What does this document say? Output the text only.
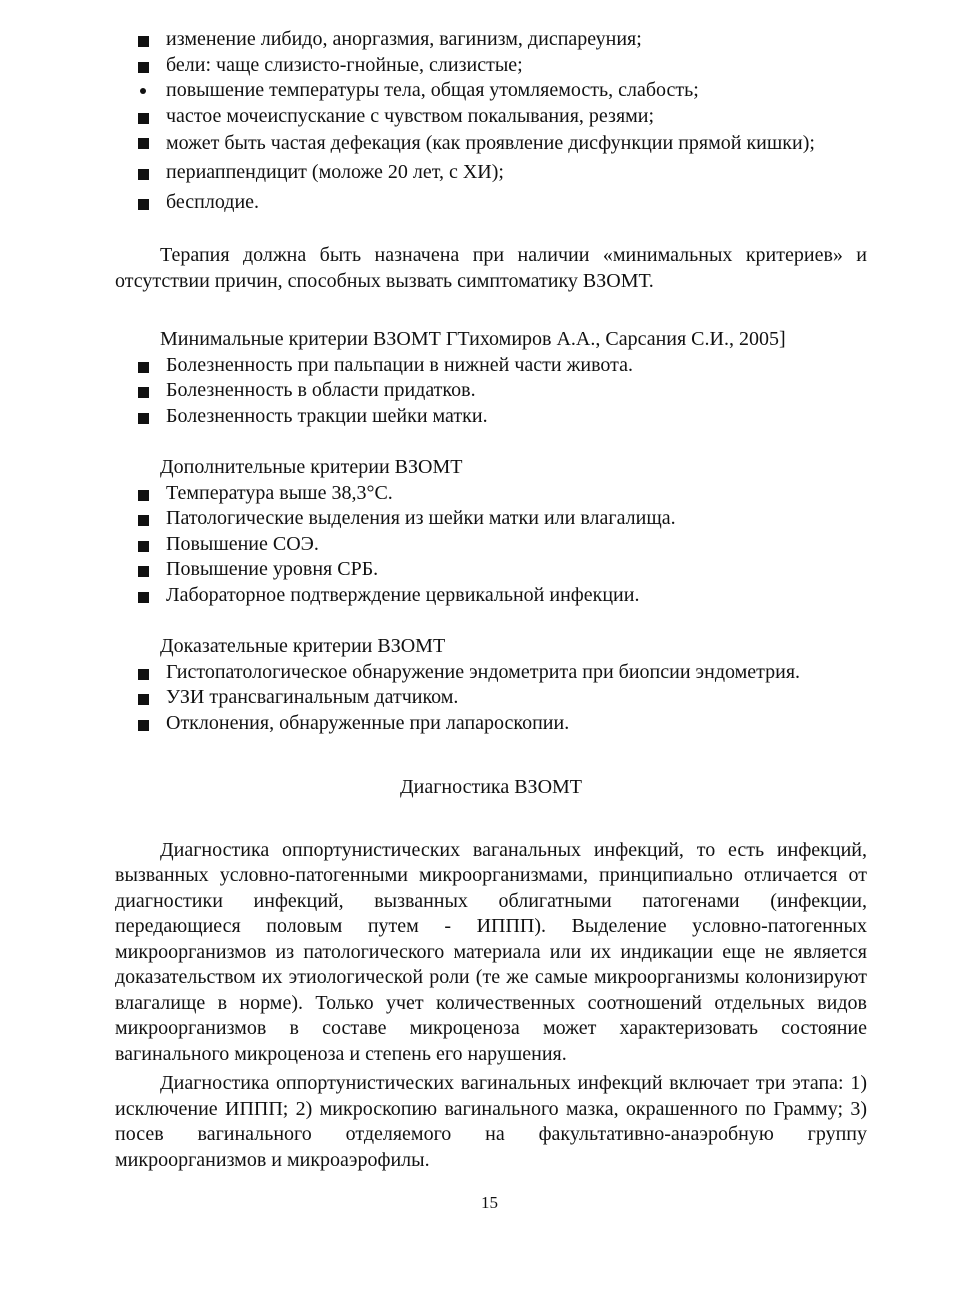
изменение либидо, аноргазмия, вагинизм, диспареуния;
бели: чаще слизисто-гнойные, слизистые;
повышение температуры тела, общая утомляемость, слабость;
частое мочеиспускание с чувством покалывания, резями;
может быть частая дефекация (как проявление дисфункции прямой кишки);
периаппендицит (моложе 20 лет, с ХИ);
бесплодие.

Терапия должна быть назначена при наличии «минимальных критериев» и отсутствии причин, способных вызвать симптоматику ВЗОМТ.

Минимальные критерии ВЗОМТ ГТихомиров А.А., Сарсания С.И., 2005]

Болезненность при пальпации в нижней части живота.
Болезненность в области придатков.
Болезненность тракции шейки матки.

Дополнительные критерии ВЗОМТ

Температура выше 38,3°С.
Патологические выделения из шейки матки или влагалища.
Повышение СОЭ.
Повышение уровня СРБ.
Лабораторное подтверждение цервикальной инфекции.

Доказательные критерии ВЗОМТ

Гистопатологическое обнаружение эндометрита при биопсии эндометрия.
УЗИ трансвагинальным датчиком.
Отклонения, обнаруженные при лапароскопии.

Диагностика ВЗОМТ

Диагностика оппортунистических ваганальных инфекций, то есть инфекций, вызванных условно-патогенными микроорганизмами, принципиально отличается от диагностики инфекций, вызванных облигатными патогенами (инфекции, передающиеся половым путем - ИППП). Выделение условно-патогенных микроорганизмов из патологического материала или их индикации еще не является доказательством их этиологической роли (те же самые микроорганизмы колонизируют влагалище в норме). Только учет количественных соотношений отдельных видов микроорганизмов в составе микроценоза может характеризовать состояние вагинального микроценоза и степень его нарушения.

Диагностика оппортунистических вагинальных инфекций включает три этапа: 1) исключение ИППП; 2) микроскопию вагинального мазка, окрашенного по Грамму; 3) посев вагинального отделяемого на факультативно-анаэробную группу микроорганизмов и микроаэрофилы.

15
